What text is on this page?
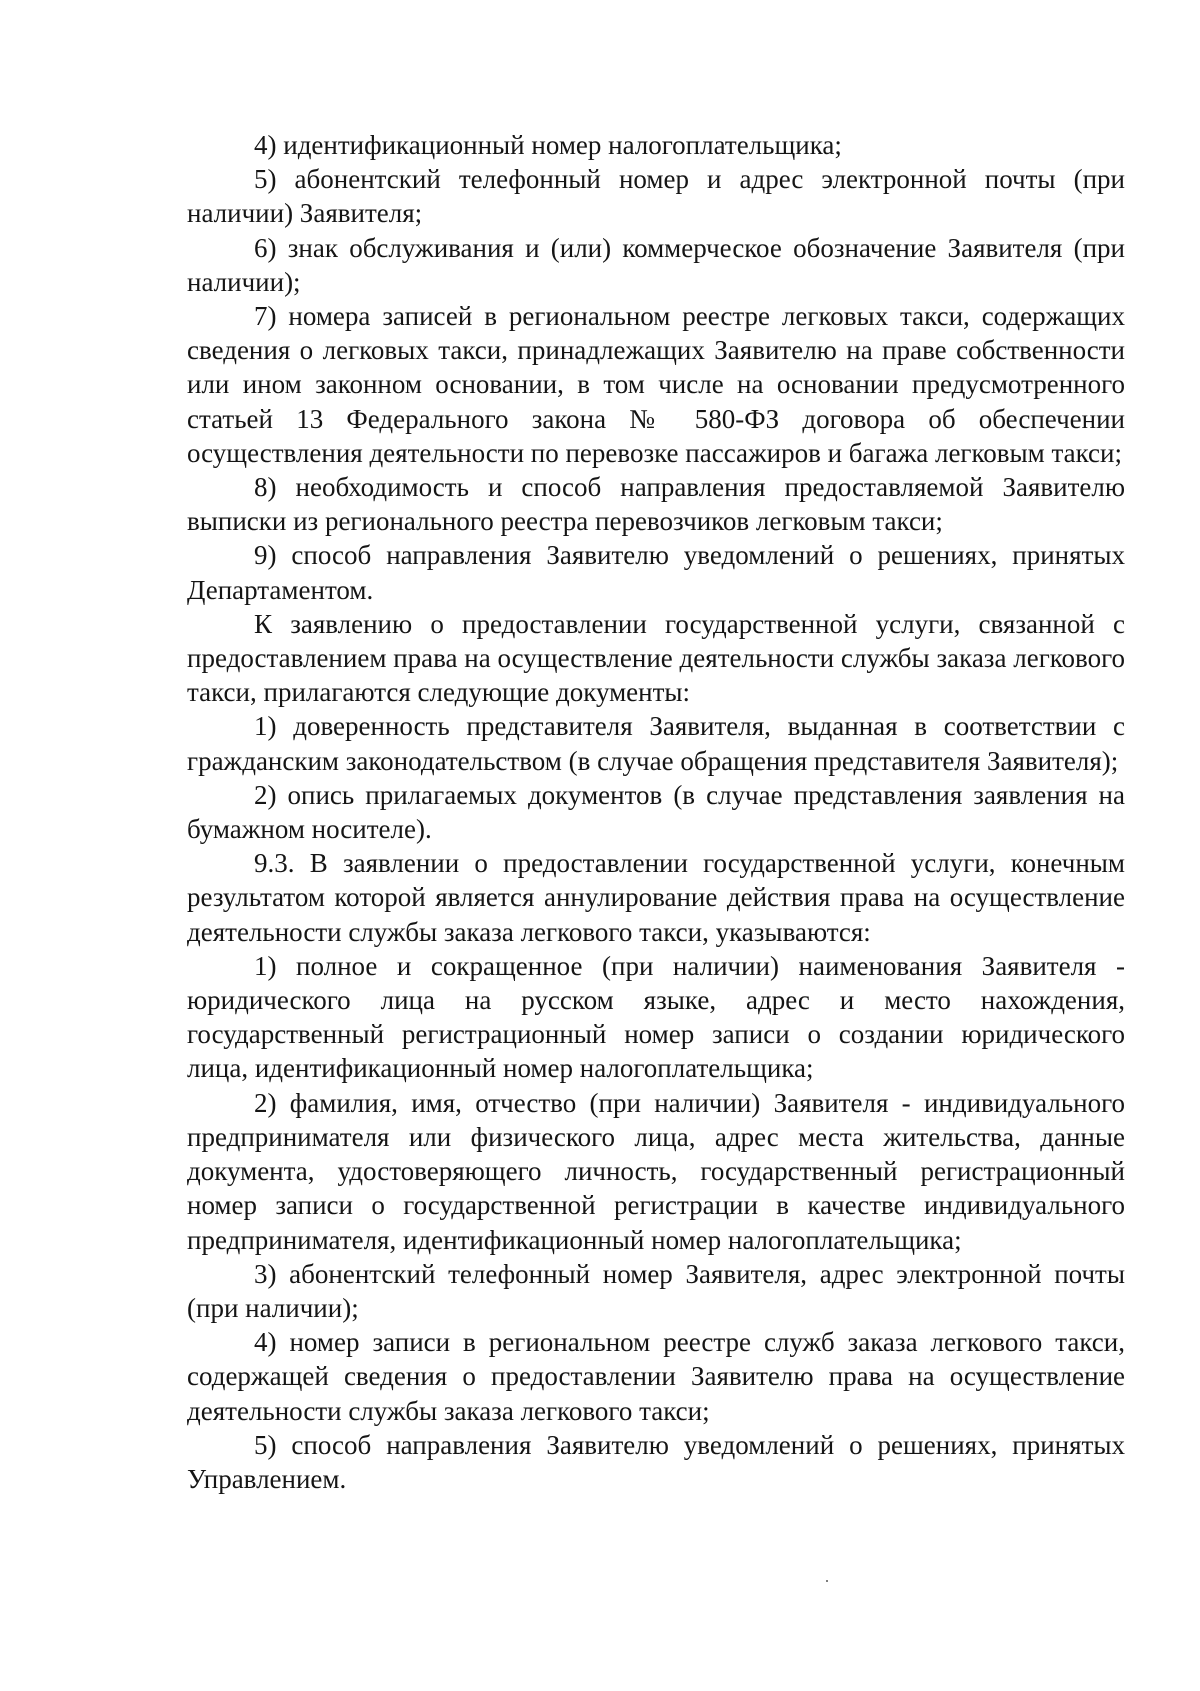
4) идентификационный номер налогоплательщика;

5) абонентский телефонный номер и адрес электронной почты (при наличии) Заявителя;

6) знак обслуживания и (или) коммерческое обозначение Заявителя (при наличии);

7) номера записей в региональном реестре легковых такси, содержащих сведения о легковых такси, принадлежащих Заявителю на праве собственности или ином законном основании, в том числе на основании предусмотренного статьей 13 Федерального закона № 580-ФЗ договора об обеспечении осуществления деятельности по перевозке пассажиров и багажа легковым такси;

8) необходимость и способ направления предоставляемой Заявителю выписки из регионального реестра перевозчиков легковым такси;

9) способ направления Заявителю уведомлений о решениях, принятых Департаментом.

К заявлению о предоставлении государственной услуги, связанной с предоставлением права на осуществление деятельности службы заказа легкового такси, прилагаются следующие документы:

1) доверенность представителя Заявителя, выданная в соответствии с гражданским законодательством (в случае обращения представителя Заявителя);

2) опись прилагаемых документов (в случае представления заявления на бумажном носителе).

9.3. В заявлении о предоставлении государственной услуги, конечным результатом которой является аннулирование действия права на осуществление деятельности службы заказа легкового такси, указываются:

1) полное и сокращенное (при наличии) наименования Заявителя - юридического лица на русском языке, адрес и место нахождения, государственный регистрационный номер записи о создании юридического лица, идентификационный номер налогоплательщика;

2) фамилия, имя, отчество (при наличии) Заявителя - индивидуального предпринимателя или физического лица, адрес места жительства, данные документа, удостоверяющего личность, государственный регистрационный номер записи о государственной регистрации в качестве индивидуального предпринимателя, идентификационный номер налогоплательщика;

3) абонентский телефонный номер Заявителя, адрес электронной почты (при наличии);

4) номер записи в региональном реестре служб заказа легкового такси, содержащей сведения о предоставлении Заявителю права на осуществление деятельности службы заказа легкового такси;

5) способ направления Заявителю уведомлений о решениях, принятых Управлением.
